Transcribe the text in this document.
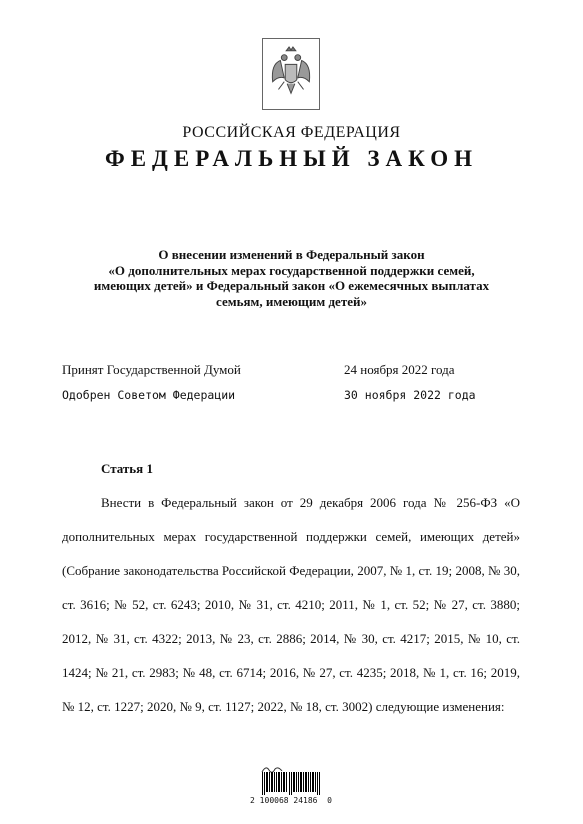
РОССИЙСКАЯ ФЕДЕРАЦИЯ
ФЕДЕРАЛЬНЫЙ ЗАКОН
О внесении изменений в Федеральный закон
«О дополнительных мерах государственной поддержки семей,
имеющих детей» и Федеральный закон «О ежемесячных выплатах
семьям, имеющим детей»
Принят Государственной Думой	24 ноября 2022 года
Одобрен Советом Федерации	30 ноября 2022 года
Статья 1

Внести в Федеральный закон от 29 декабря 2006 года № 256-ФЗ «О дополнительных мерах государственной поддержки семей, имеющих детей» (Собрание законодательства Российской Федерации, 2007, № 1, ст. 19; 2008, № 30, ст. 3616; № 52, ст. 6243; 2010, № 31, ст. 4210; 2011, № 1, ст. 52; № 27, ст. 3880; 2012, № 31, ст. 4322; 2013, № 23, ст. 2886; 2014, № 30, ст. 4217; 2015, № 10, ст. 1424; № 21, ст. 2983; № 48, ст. 6714; 2016, № 27, ст. 4235; 2018, № 1, ст. 16; 2019, № 12, ст. 1227; 2020, № 9, ст. 1127; 2022, № 18, ст. 3002) следующие изменения:

2 100068 24186  0
